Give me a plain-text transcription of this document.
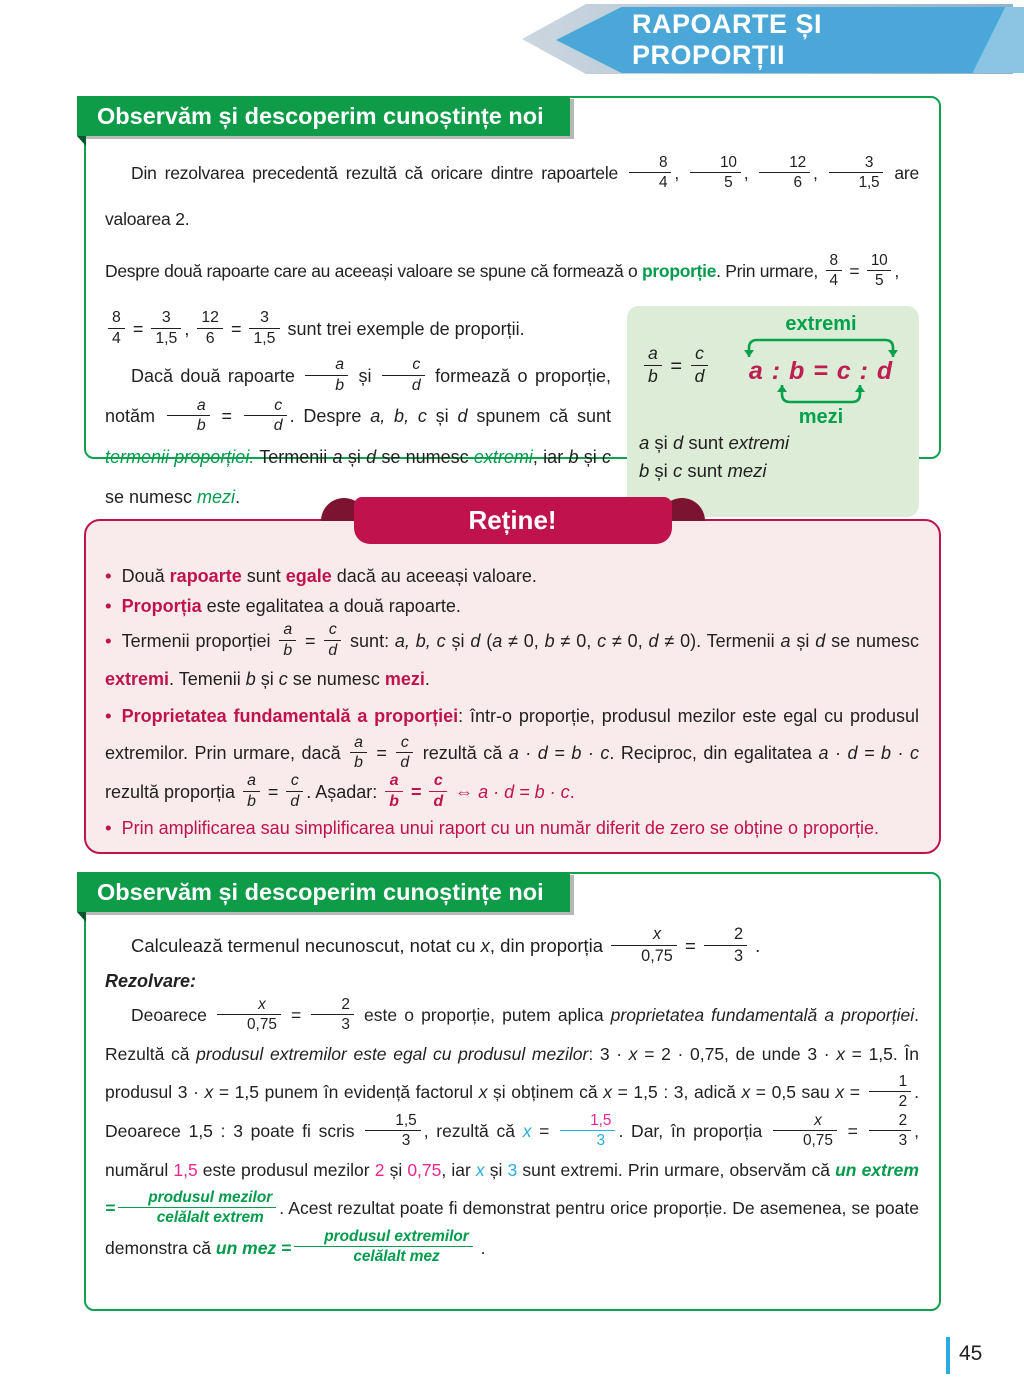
RAPOARTE ȘI PROPORȚII
Observăm și descoperim cunoștințe noi

Din rezolvarea precedentă rezultă că oricare dintre rapoartele $\frac{8}{4}$ , $\frac{10}{5}$ , $\frac{12}{6}$ , $\frac{3}{1,5}$ are valoarea 2.

Despre două rapoarte care au aceeași valoare se spune că formează o proporție. Prin urmare, $\frac{8}{4} = \frac{10}{5}$ ,

$\frac{8}{4} = \frac{3}{1,5}$ , $\frac{12}{6} = \frac{3}{1,5}$ sunt trei exemple de proporții.

Dacă două rapoarte $\frac{a}{b}$ și $\frac{c}{d}$ formează o proporție, notăm $\frac{a}{b} = \frac{c}{d}$ . Despre a, b, c și d spunem că sunt termenii proporției. Termenii a și d se numesc extremi, iar b și c se numesc mezi.

$\frac{a}{b} = \frac{c}{d}$
extremi
a : b = c : d
mezi
a și d sunt extremi
b și c sunt mezi
Reține!

• Două rapoarte sunt egale dacă au aceeași valoare.

• Proporția este egalitatea a două rapoarte.

• Termenii proporției $\frac{a}{b} = \frac{c}{d}$ sunt: a, b, c și d (a ≠ 0, b ≠ 0, c ≠ 0, d ≠ 0). Termenii a și d se numesc extremi. Temenii b și c se numesc mezi.

• Proprietatea fundamentală a proporției: într-o proporție, produsul mezilor este egal cu produsul extremilor. Prin urmare, dacă $\frac{a}{b} = \frac{c}{d}$ rezultă că a · d = b · c. Reciproc, din egalitatea a · d = b · c rezultă proporția $\frac{a}{b} = \frac{c}{d}$ . Așadar: $\frac{a}{b} = \frac{c}{d}$ ⇔ a · d = b · c.

• Prin amplificarea sau simplificarea unui raport cu un număr diferit de zero se obține o proporție.

Observăm și descoperim cunoștințe noi

Calculează termenul necunoscut, notat cu x, din proporția $\frac{x}{0,75} = \frac{2}{3}$ .

Rezolvare:

Deoarece $\frac{x}{0,75} = \frac{2}{3}$ este o proporție, putem aplica proprietatea fundamentală a proporției. Rezultă că produsul extremilor este egal cu produsul mezilor: 3 · x = 2 · 0,75, de unde 3 · x = 1,5. În produsul 3 · x = 1,5 punem în evidență factorul x și obținem că x = 1,5 : 3, adică x = 0,5 sau $x = \frac{1}{2}$ . Deoarece 1,5 : 3 poate fi scris $\frac{1,5}{3}$ , rezultă că $x = \frac{1,5}{3}$ . Dar, în proporția $\frac{x}{0,75} = \frac{2}{3}$ , numărul 1,5 este produsul mezilor 2 și 0,75, iar x și 3 sunt extremi. Prin urmare, observăm că un extrem = $\frac{\text{produsul mezilor}}{\text{celălalt extrem}}$ . Acest rezultat poate fi demonstrat pentru orice proporție. De asemenea, se poate demonstra că un mez = $\frac{\text{produsul extremilor}}{\text{celălalt mez}}$ .

45
